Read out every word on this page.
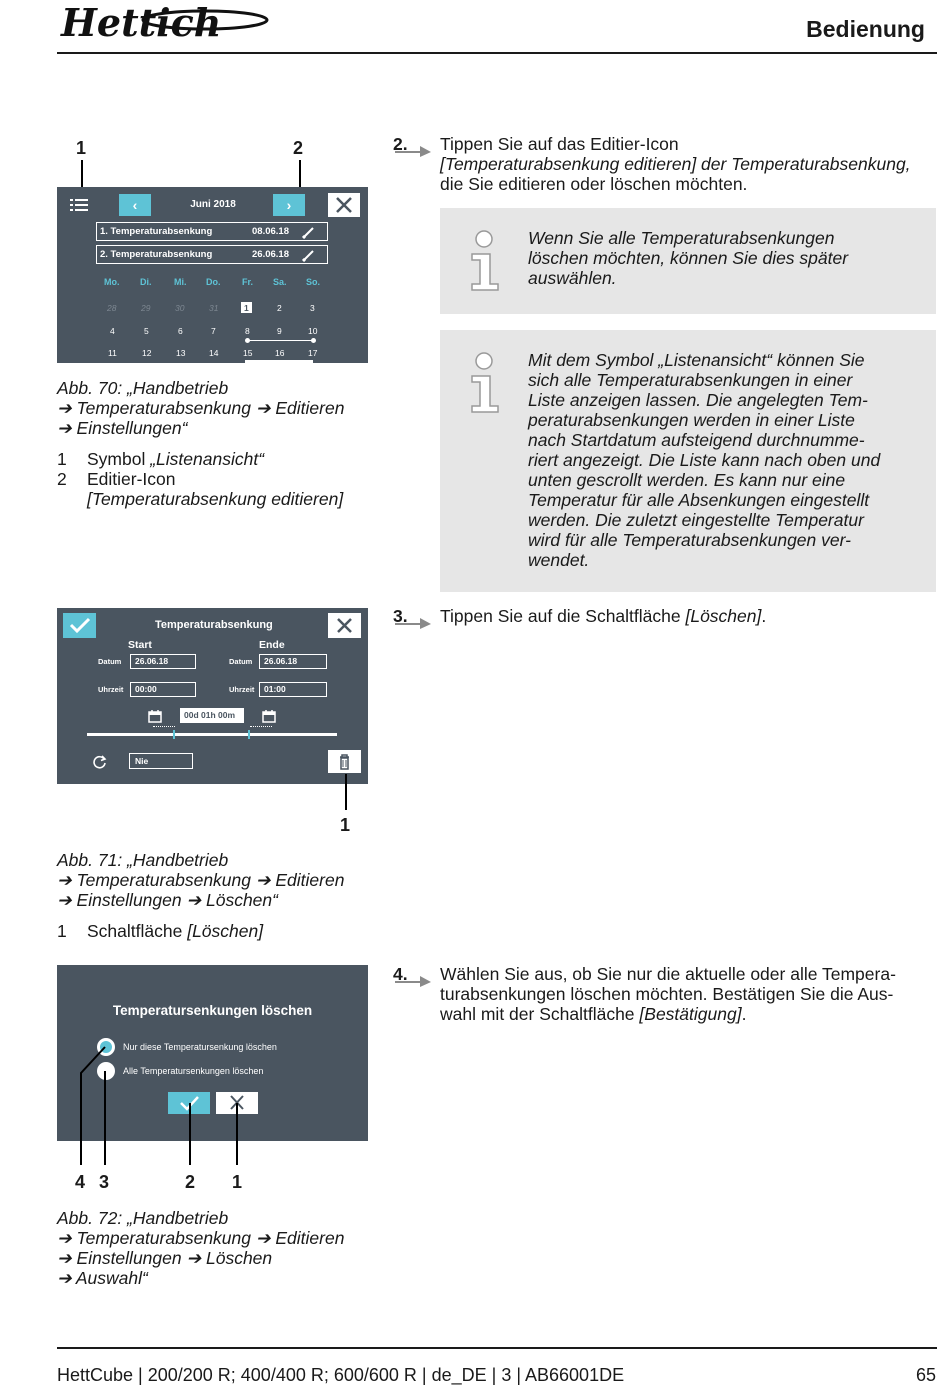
Hettich	Bedienung
1	2
‹	Juni 2018	›
1. Temperaturabsenkung	08.06.18
2. Temperaturabsenkung	26.06.18
Mo. Di. Mi. Do. Fr. Sa. So.
28	29	30	31	1	2	3
4	5	6	7	8	9	10
11	12	13	14	15	16	17
Abb. 70: „Handbetrieb
➔ Temperaturabsenkung ➔ Editieren
➔ Einstellungen“
1 Symbol „Listenansicht“
2 Editier-Icon
[Temperaturabsenkung editieren]
2. Tippen Sie auf das Editier-Icon
[Temperaturabsenkung editieren] der Temperaturabsenkung,
die Sie editieren oder löschen möchten.
Wenn Sie alle Temperaturabsenkungen
löschen möchten, können Sie dies später
auswählen.
Mit dem Symbol „Listenansicht“ können Sie
sich alle Temperaturabsenkungen in einer
Liste anzeigen lassen. Die angelegten Tem-
peraturabsenkungen werden in einer Liste
nach Startdatum aufsteigend durchnumme-
riert angezeigt. Die Liste kann nach oben und
unten gescrollt werden. Es kann nur eine
Temperatur für alle Absenkungen eingestellt
werden. Die zuletzt eingestellte Temperatur
wird für alle Temperaturabsenkungen ver-
wendet.
Temperaturabsenkung
Start	Ende
Datum 26.06.18	Datum 26.06.18
Uhrzeit 00:00	Uhrzeit 01:00
00d 01h 00m
Nie
1
Abb. 71: „Handbetrieb
➔ Temperaturabsenkung ➔ Editieren
➔ Einstellungen ➔ Löschen“
1 Schaltfläche [Löschen]
3. Tippen Sie auf die Schaltfläche [Löschen].
Temperatursenkungen löschen
Nur diese Temperatursenkung löschen
Alle Temperatursenkungen löschen
4 3	2 1
Abb. 72: „Handbetrieb
➔ Temperaturabsenkung ➔ Editieren
➔ Einstellungen ➔ Löschen
➔ Auswahl“
4. Wählen Sie aus, ob Sie nur die aktuelle oder alle Tempera-
turabsenkungen löschen möchten. Bestätigen Sie die Aus-
wahl mit der Schaltfläche [Bestätigung].
HettCube | 200/200 R; 400/400 R; 600/600 R | de_DE | 3 | AB66001DE	65
